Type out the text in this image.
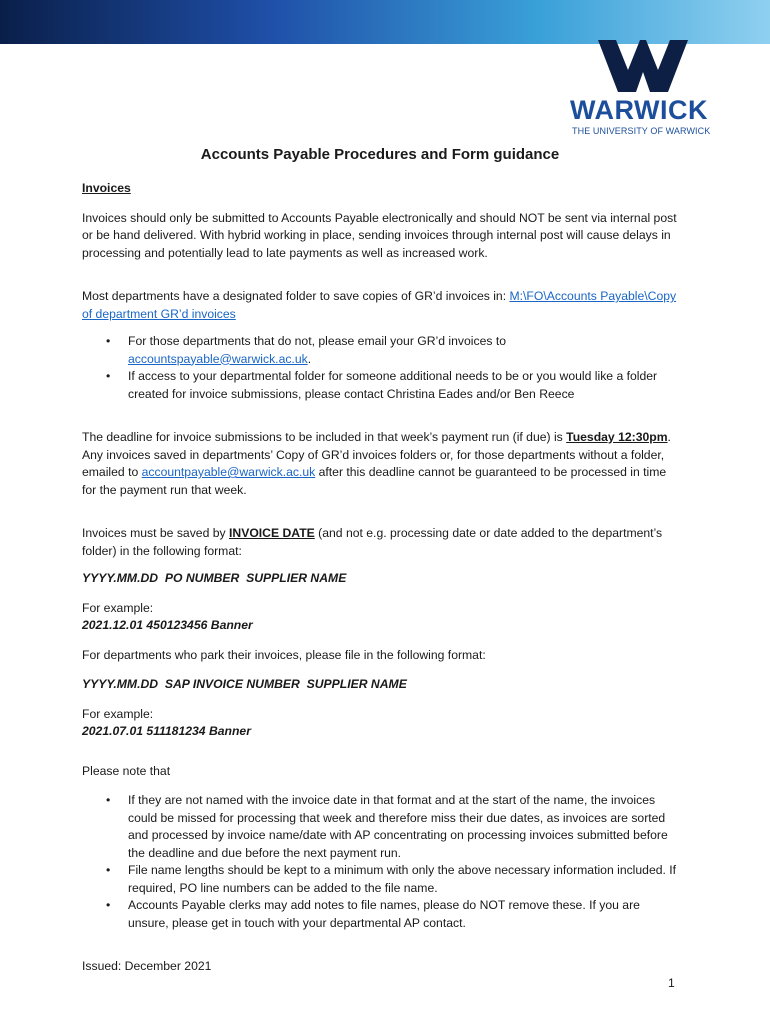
WARWICK
THE UNIVERSITY OF WARWICK
Accounts Payable Procedures and Form guidance

Invoices

Invoices should only be submitted to Accounts Payable electronically and should NOT be sent via internal post or be hand delivered. With hybrid working in place, sending invoices through internal post will cause delays in processing and potentially lead to late payments as well as increased work.

Most departments have a designated folder to save copies of GR’d invoices in: M:\FO\Accounts Payable\Copy of department GR’d invoices

• For those departments that do not, please email your GR’d invoices to accountspayable@warwick.ac.uk.
• If access to your departmental folder for someone additional needs to be or you would like a folder created for invoice submissions, please contact Christina Eades and/or Ben Reece

The deadline for invoice submissions to be included in that week’s payment run (if due) is Tuesday 12:30pm. Any invoices saved in departments’ Copy of GR’d invoices folders or, for those departments without a folder, emailed to accountpayable@warwick.ac.uk after this deadline cannot be guaranteed to be processed in time for the payment run that week.

Invoices must be saved by INVOICE DATE (and not e.g. processing date or date added to the department’s folder) in the following format:

YYYY.MM.DD  PO NUMBER  SUPPLIER NAME

For example:

2021.12.01 450123456 Banner

For departments who park their invoices, please file in the following format:

YYYY.MM.DD  SAP INVOICE NUMBER  SUPPLIER NAME

For example:

2021.07.01 511181234 Banner

Please note that

• If they are not named with the invoice date in that format and at the start of the name, the invoices could be missed for processing that week and therefore miss their due dates, as invoices are sorted and processed by invoice name/date with AP concentrating on processing invoices submitted before the deadline and due before the next payment run.
• File name lengths should be kept to a minimum with only the above necessary information included. If required, PO line numbers can be added to the file name.
• Accounts Payable clerks may add notes to file names, please do NOT remove these. If you are unsure, please get in touch with your departmental AP contact.
Issued: December 2021
1
